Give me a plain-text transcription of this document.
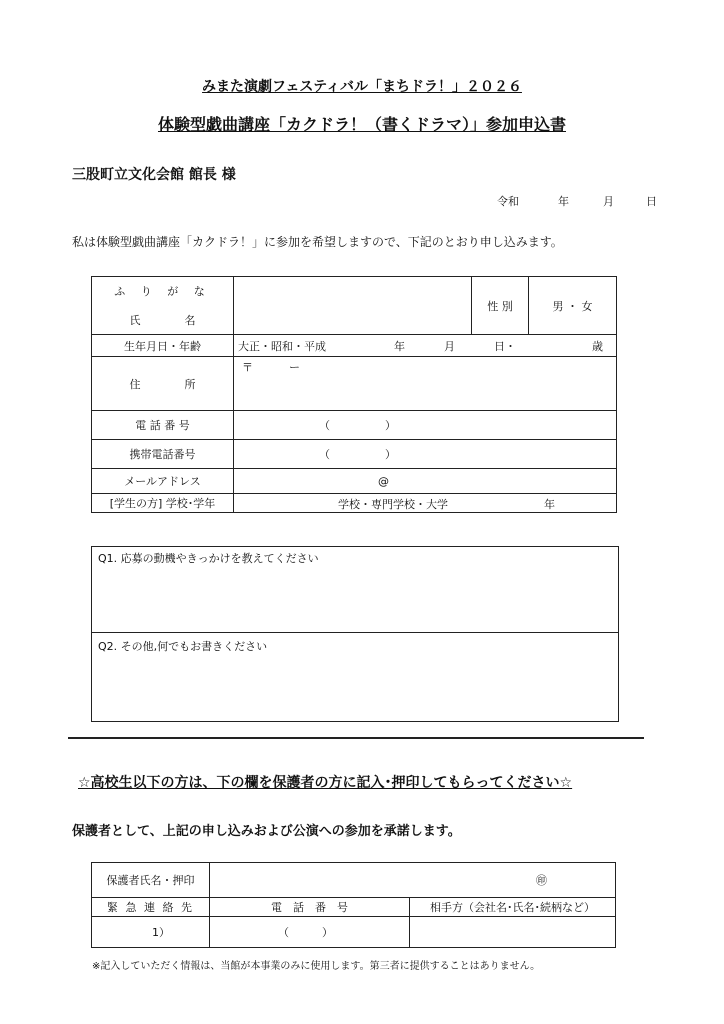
みまた演劇フェスティバル「まちドラ！」２０２６
体験型戯曲講座「カクドラ！（書くドラマ）」参加申込書
三股町立文化会館 館長 様
令和	年	月	日
私は体験型戯曲講座「カクドラ！」に参加を希望しますので、下記のとおり申し込みます。
ふ り が な		性 別	男 ・ 女
氏　　　　名			
生年月日・年齢	大正・昭和・平成 年 月 日・ 歳		

住　　　　所	〒 ー		

電 話 番 号	（　　　　　）		
携帯電話番号	（　　　　　）		
メールアドレス	@		
[学生の方] 学校･学年	学校・専門学校・大学 年		
Q1. 応募の動機やきっかけを教えてください
Q2. その他,何でもお書きください
☆高校生以下の方は、下の欄を保護者の方に記入･押印してもらってください☆
保護者として、上記の申し込みおよび公演への参加を承諾します。
保護者氏名・押印	㊞	
緊 急 連 絡 先	電　話　番　号	相手方（会社名･氏名･続柄など）
1）	（　　　）	
※記入していただく情報は、当館が本事業のみに使用します。第三者に提供することはありません。
